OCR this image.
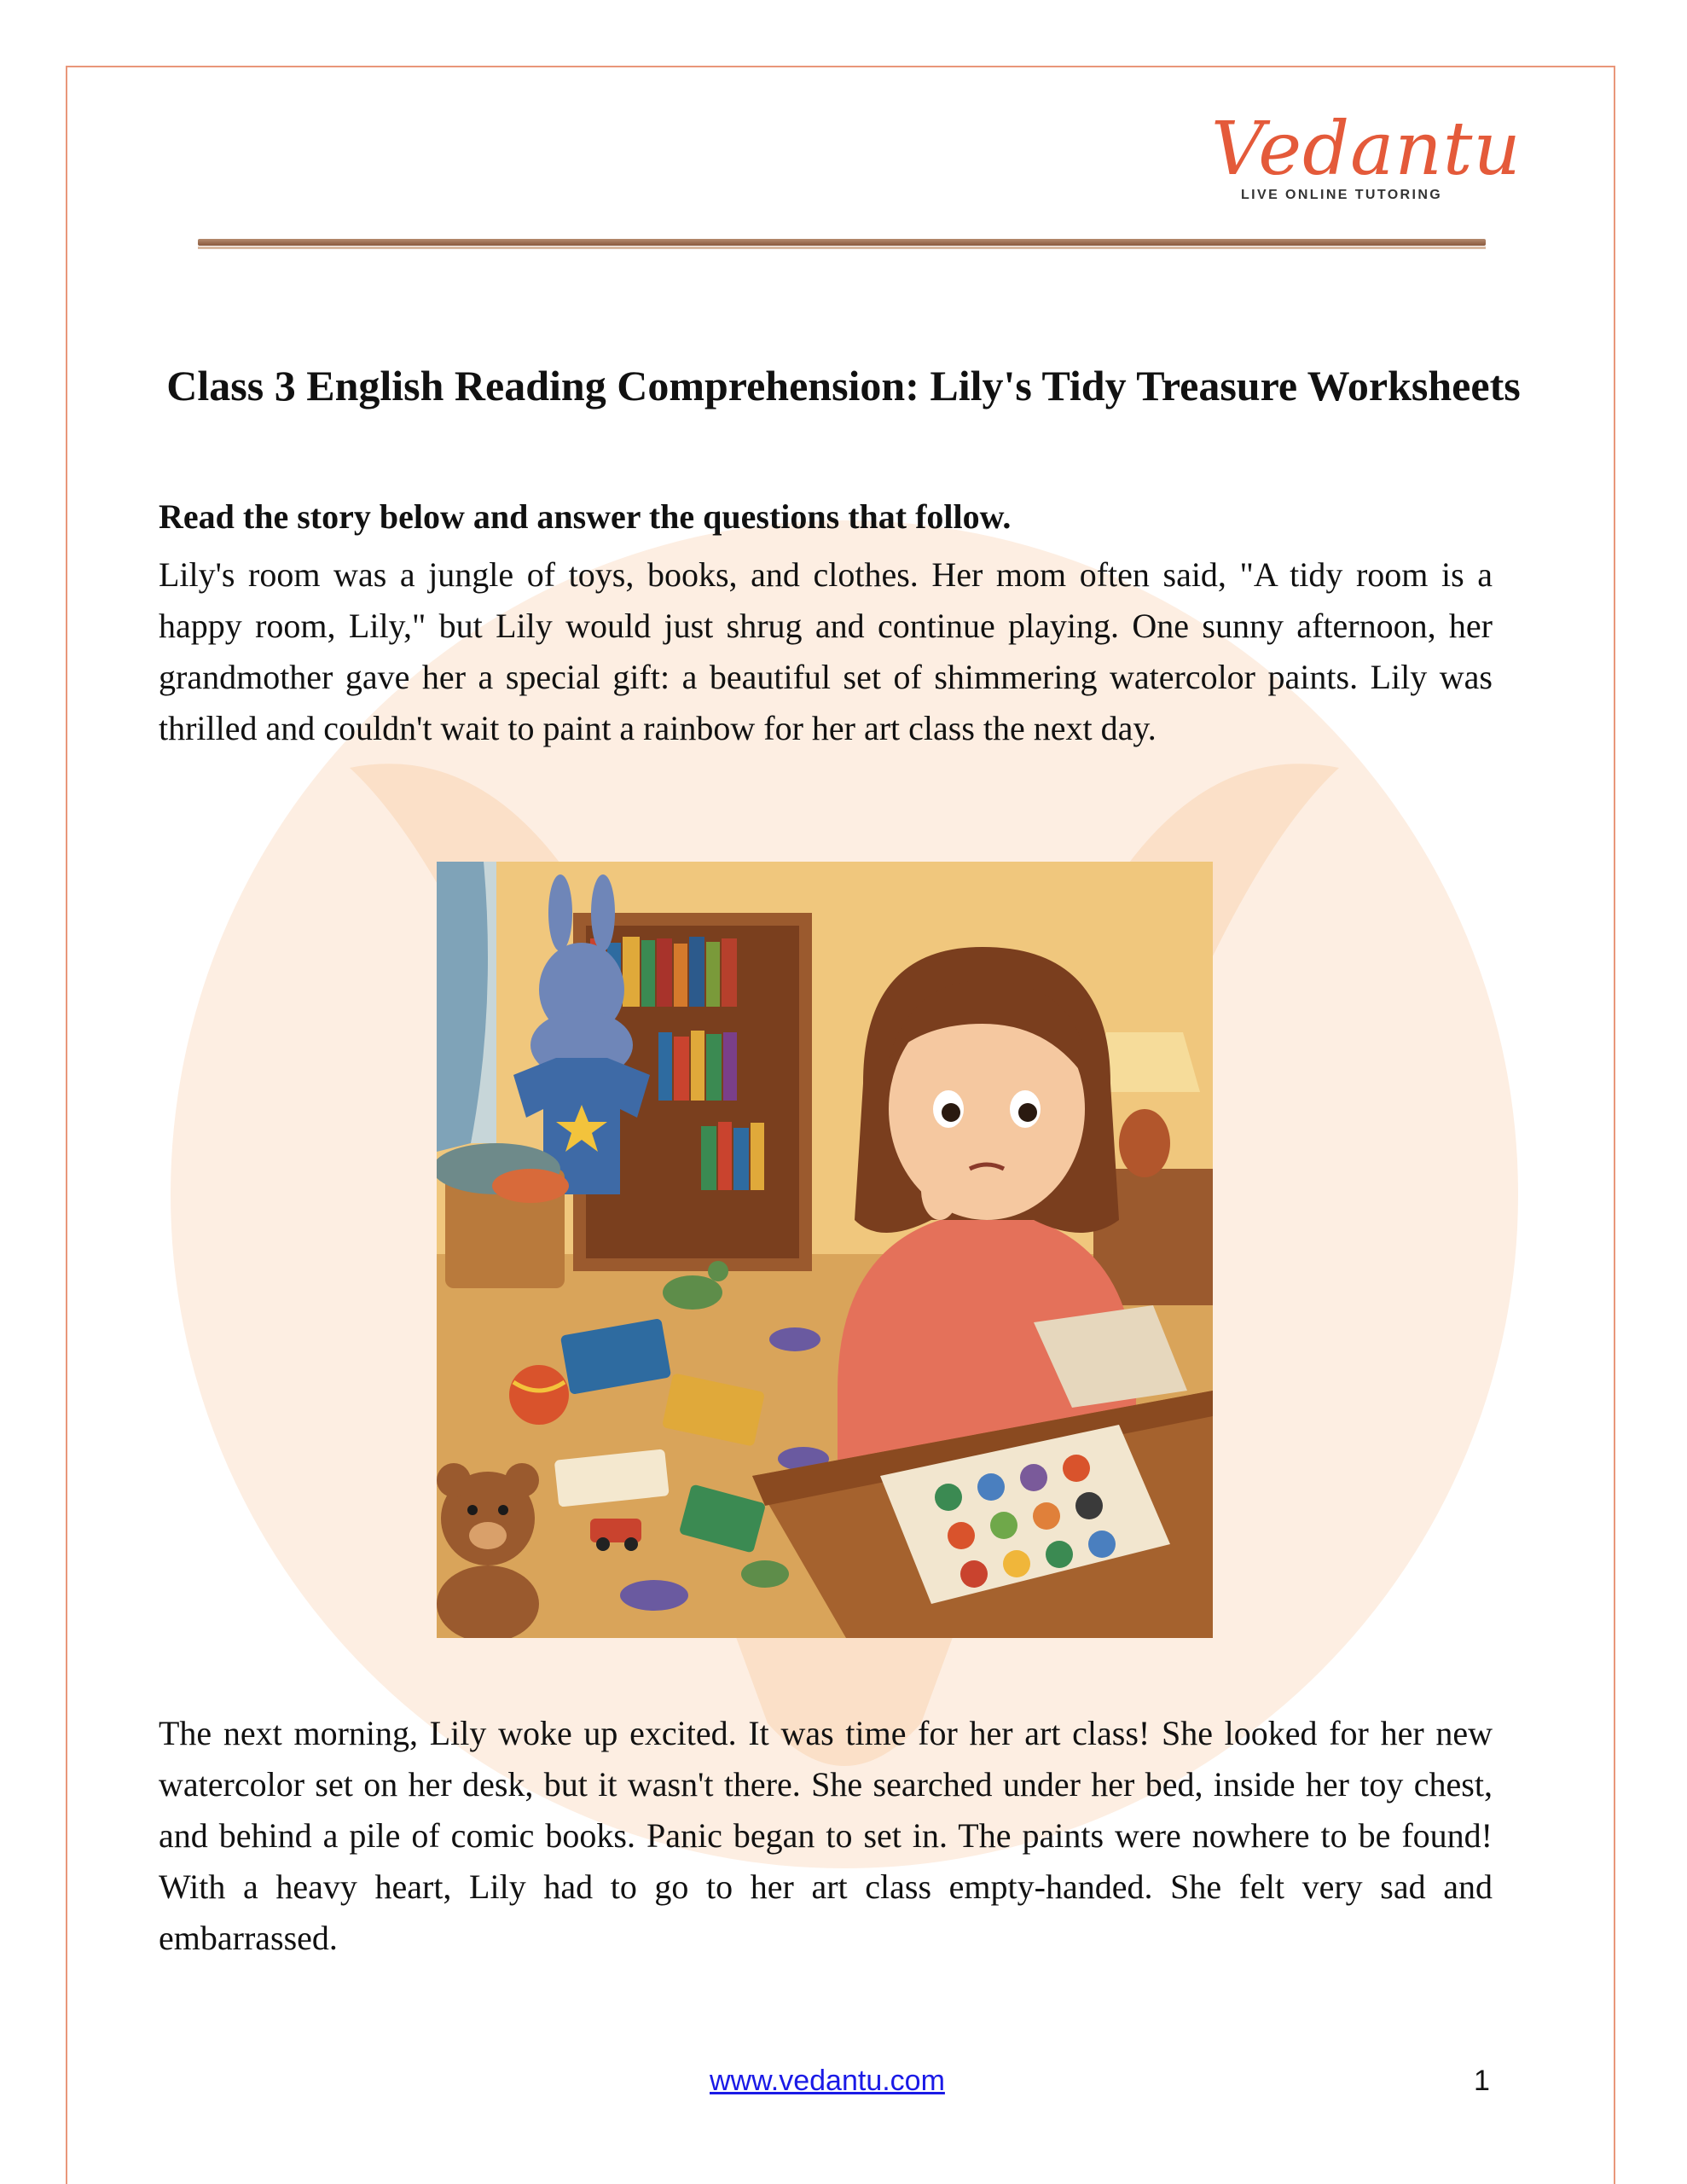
Vedantu
LIVE ONLINE TUTORING
Class 3 English Reading Comprehension: Lily's Tidy Treasure Worksheets
Read the story below and answer the questions that follow.
Lily's room was a jungle of toys, books, and clothes. Her mom often said, "A tidy room is a happy room, Lily," but Lily would just shrug and continue playing. One sunny afternoon, her grandmother gave her a special gift: a beautiful set of shimmering watercolor paints. Lily was thrilled and couldn't wait to paint a rainbow for her art class the next day.
The next morning, Lily woke up excited. It was time for her art class! She looked for her new watercolor set on her desk, but it wasn't there. She searched under her bed, inside her toy chest, and behind a pile of comic books. Panic began to set in. The paints were nowhere to be found! With a heavy heart, Lily had to go to her art class empty-handed. She felt very sad and embarrassed.
www.vedantu.com	1
